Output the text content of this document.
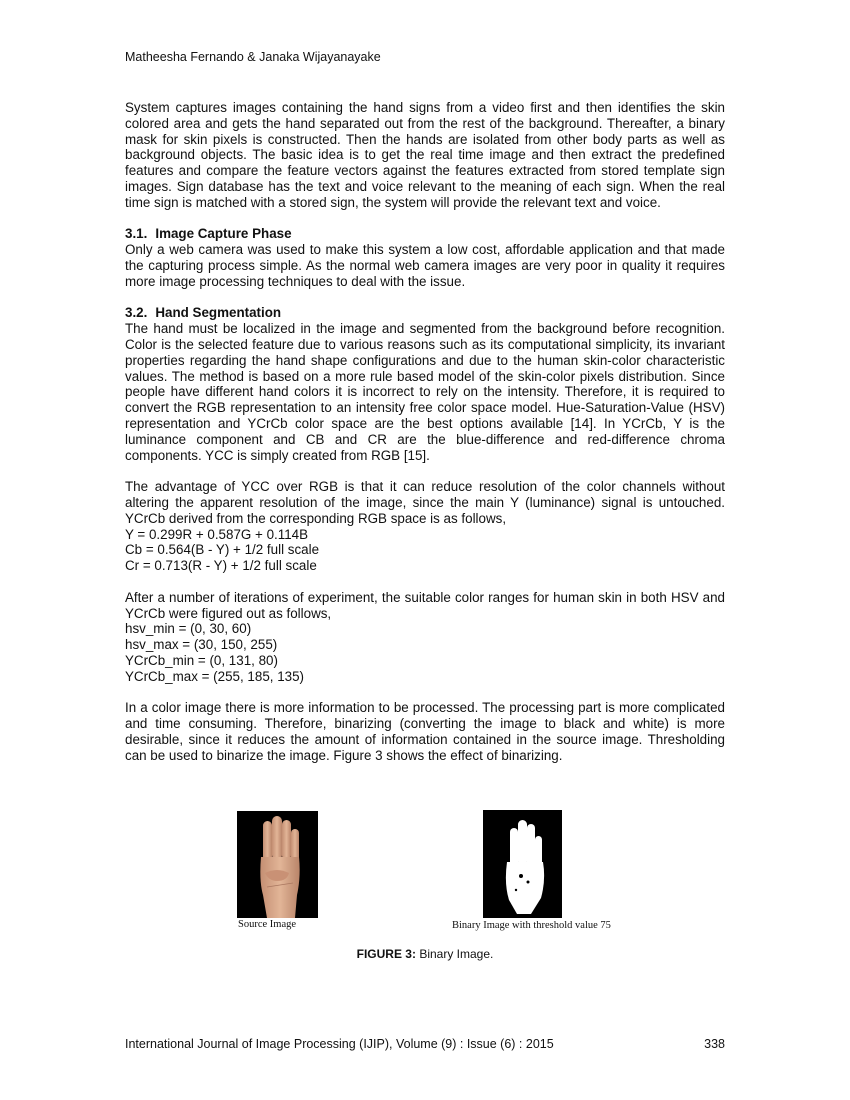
Matheesha Fernando & Janaka Wijayanayake

System captures images containing the hand signs from a video first and then identifies the skin colored area and gets the hand separated out from the rest of the background. Thereafter, a binary mask for skin pixels is constructed. Then the hands are isolated from other body parts as well as background objects. The basic idea is to get the real time image and then extract the predefined features and compare the feature vectors against the features extracted from stored template sign images. Sign database has the text and voice relevant to the meaning of each sign. When the real time sign is matched with a stored sign, the system will provide the relevant text and voice.

3.1. Image Capture Phase

Only a web camera was used to make this system a low cost, affordable application and that made the capturing process simple. As the normal web camera images are very poor in quality it requires more image processing techniques to deal with the issue.

3.2. Hand Segmentation

The hand must be localized in the image and segmented from the background before recognition. Color is the selected feature due to various reasons such as its computational simplicity, its invariant properties regarding the hand shape configurations and due to the human skin-color characteristic values. The method is based on a more rule based model of the skin-color pixels distribution. Since people have different hand colors it is incorrect to rely on the intensity. Therefore, it is required to convert the RGB representation to an intensity free color space model. Hue-Saturation-Value (HSV) representation and YCrCb color space are the best options available [14]. In YCrCb, Y is the luminance component and CB and CR are the blue-difference and red-difference chroma components. YCC is simply created from RGB [15].

The advantage of YCC over RGB is that it can reduce resolution of the color channels without altering the apparent resolution of the image, since the main Y (luminance) signal is untouched. YCrCb derived from the corresponding RGB space is as follows,
Y = 0.299R + 0.587G + 0.114B
Cb = 0.564(B - Y) + 1/2 full scale
Cr = 0.713(R - Y) + 1/2 full scale

After a number of iterations of experiment, the suitable color ranges for human skin in both HSV and YCrCb were figured out as follows,
hsv_min = (0, 30, 60)
hsv_max = (30, 150, 255)
YCrCb_min = (0, 131, 80)
YCrCb_max = (255, 185, 135)

In a color image there is more information to be processed. The processing part is more complicated and time consuming. Therefore, binarizing (converting the image to black and white) is more desirable, since it reduces the amount of information contained in the source image. Thresholding can be used to binarize the image. Figure 3 shows the effect of binarizing.

Source Image	Binary Image with threshold value 75
FIGURE 3: Binary Image.
International Journal of Image Processing (IJIP), Volume (9) : Issue (6) : 2015	338
